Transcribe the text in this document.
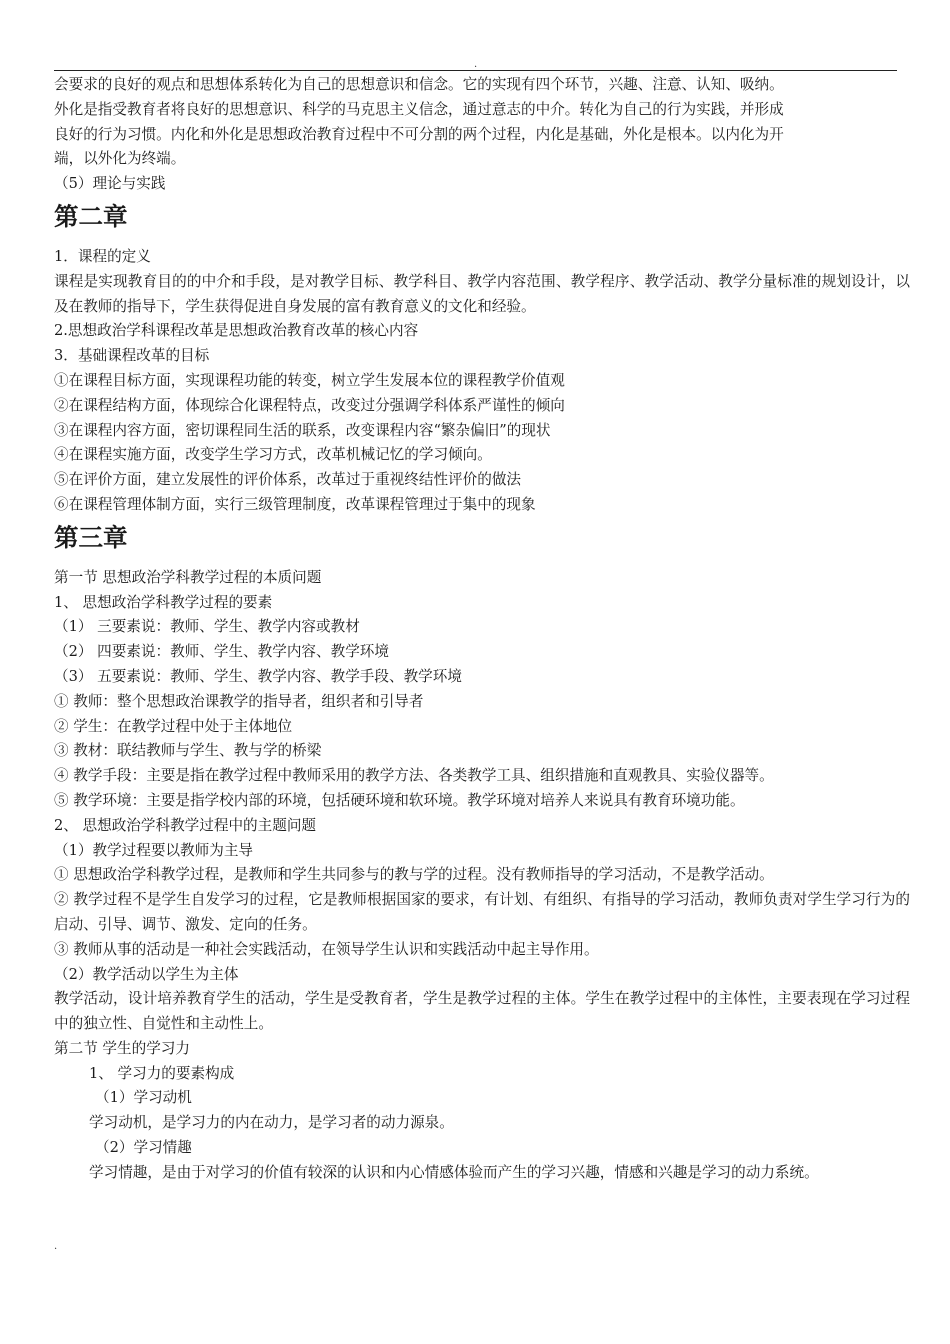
.

会要求的良好的观点和思想体系转化为自己的思想意识和信念。它的实现有四个环节，兴趣、注意、认知、吸纳。

外化是指受教育者将良好的思想意识、科学的马克思主义信念，通过意志的中介。转化为自己的行为实践，并形成

良好的行为习惯。内化和外化是思想政治教育过程中不可分割的两个过程，内化是基础，外化是根本。以内化为开

端，以外化为终端。

（5）理论与实践

第二章

1．课程的定义

课程是实现教育目的的中介和手段，是对教学目标、教学科目、教学内容范围、教学程序、教学活动、教学分量标准的规划设计，以及在教师的指导下，学生获得促进自身发展的富有教育意义的文化和经验。

2.思想政治学科课程改革是思想政治教育改革的核心内容

3．基础课程改革的目标

①在课程目标方面，实现课程功能的转变，树立学生发展本位的课程教学价值观

②在课程结构方面，体现综合化课程特点，改变过分强调学科体系严谨性的倾向

③在课程内容方面，密切课程同生活的联系，改变课程内容“繁杂偏旧”的现状

④在课程实施方面，改变学生学习方式，改革机械记忆的学习倾向。

⑤在评价方面，建立发展性的评价体系，改革过于重视终结性评价的做法

⑥在课程管理体制方面，实行三级管理制度，改革课程管理过于集中的现象

第三章

第一节 思想政治学科教学过程的本质问题

1、 思想政治学科教学过程的要素

（1） 三要素说：教师、学生、教学内容或教材

（2） 四要素说：教师、学生、教学内容、教学环境

（3） 五要素说：教师、学生、教学内容、教学手段、教学环境

① 教师：整个思想政治课教学的指导者，组织者和引导者

② 学生：在教学过程中处于主体地位

③ 教材：联结教师与学生、教与学的桥梁

④ 教学手段：主要是指在教学过程中教师采用的教学方法、各类教学工具、组织措施和直观教具、实验仪器等。

⑤ 教学环境：主要是指学校内部的环境，包括硬环境和软环境。教学环境对培养人来说具有教育环境功能。

2、 思想政治学科教学过程中的主题问题

（1）教学过程要以教师为主导

① 思想政治学科教学过程，是教师和学生共同参与的教与学的过程。没有教师指导的学习活动，不是教学活动。

② 教学过程不是学生自发学习的过程，它是教师根据国家的要求，有计划、有组织、有指导的学习活动，教师负责对学生学习行为的启动、引导、调节、激发、定向的任务。

③ 教师从事的活动是一种社会实践活动，在领导学生认识和实践活动中起主导作用。

（2）教学活动以学生为主体

教学活动，设计培养教育学生的活动，学生是受教育者，学生是教学过程的主体。学生在教学过程中的主体性，主要表现在学习过程中的独立性、自觉性和主动性上。

第二节 学生的学习力

1、 学习力的要素构成

（1）学习动机

学习动机，是学习力的内在动力，是学习者的动力源泉。

（2）学习情趣

学习情趣，是由于对学习的价值有较深的认识和内心情感体验而产生的学习兴趣，情感和兴趣是学习的动力系统。

.
